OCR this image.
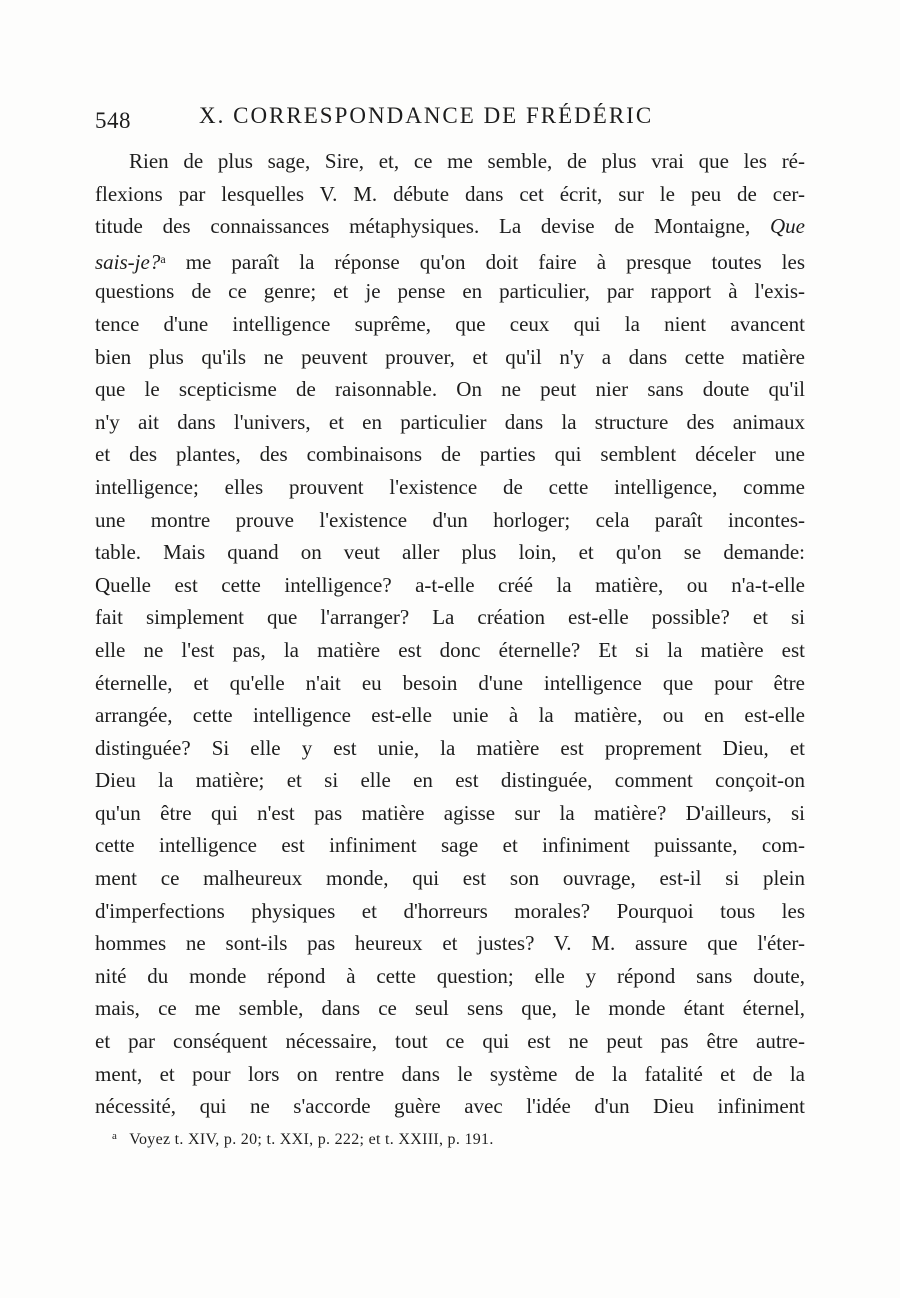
548	X. CORRESPONDANCE DE FRÉDÉRIC
Rien de plus sage, Sire, et, ce me semble, de plus vrai que les ré-
flexions par lesquelles V. M. débute dans cet écrit, sur le peu de cer-
titude des connaissances métaphysiques. La devise de Montaigne, Que
sais-je?$^a$ me paraît la réponse qu'on doit faire à presque toutes les
questions de ce genre; et je pense en particulier, par rapport à l'exis-
tence d'une intelligence suprême, que ceux qui la nient avancent
bien plus qu'ils ne peuvent prouver, et qu'il n'y a dans cette matière
que le scepticisme de raisonnable. On ne peut nier sans doute qu'il
n'y ait dans l'univers, et en particulier dans la structure des animaux
et des plantes, des combinaisons de parties qui semblent déceler une
intelligence; elles prouvent l'existence de cette intelligence, comme
une montre prouve l'existence d'un horloger; cela paraît incontes-
table. Mais quand on veut aller plus loin, et qu'on se demande:
Quelle est cette intelligence? a-t-elle créé la matière, ou n'a-t-elle
fait simplement que l'arranger? La création est-elle possible? et si
elle ne l'est pas, la matière est donc éternelle? Et si la matière est
éternelle, et qu'elle n'ait eu besoin d'une intelligence que pour être
arrangée, cette intelligence est-elle unie à la matière, ou en est-elle
distinguée? Si elle y est unie, la matière est proprement Dieu, et
Dieu la matière; et si elle en est distinguée, comment conçoit-on
qu'un être qui n'est pas matière agisse sur la matière? D'ailleurs, si
cette intelligence est infiniment sage et infiniment puissante, com-
ment ce malheureux monde, qui est son ouvrage, est-il si plein
d'imperfections physiques et d'horreurs morales? Pourquoi tous les
hommes ne sont-ils pas heureux et justes? V. M. assure que l'éter-
nité du monde répond à cette question; elle y répond sans doute,
mais, ce me semble, dans ce seul sens que, le monde étant éternel,
et par conséquent nécessaire, tout ce qui est ne peut pas être autre-
ment, et pour lors on rentre dans le système de la fatalité et de la
nécessité, qui ne s'accorde guère avec l'idée d'un Dieu infiniment
$^a$ Voyez t. XIV, p. 20; t. XXI, p. 222; et t. XXIII, p. 191.
